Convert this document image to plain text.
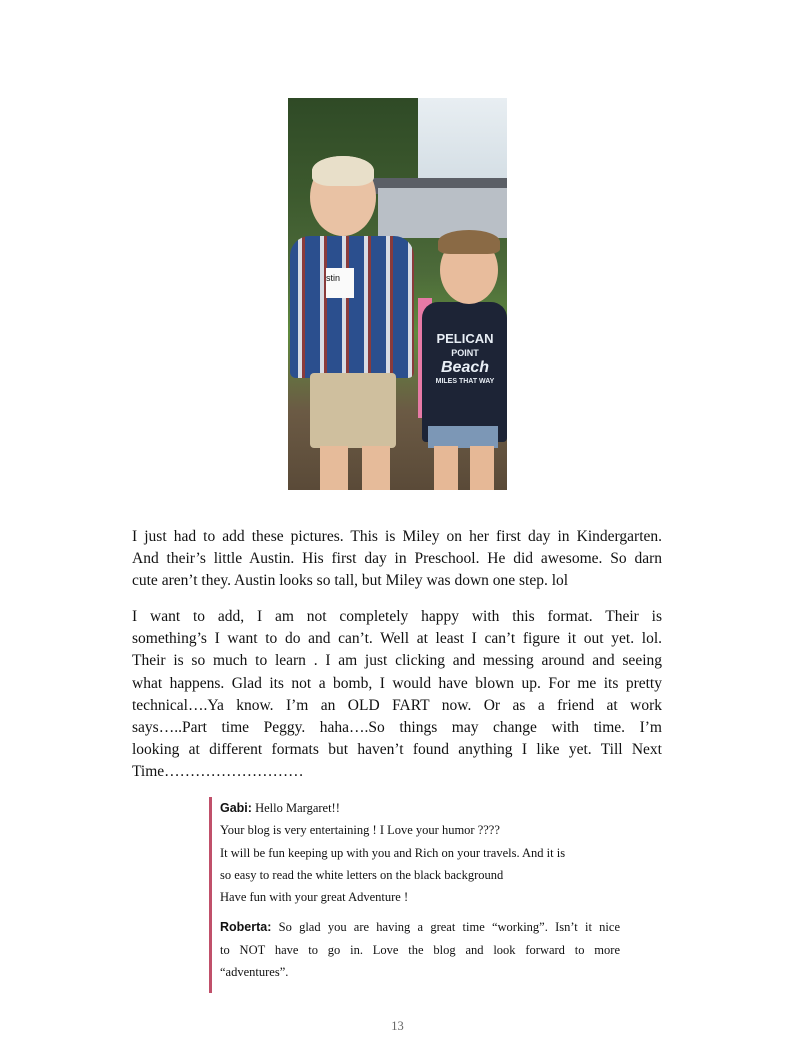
stin
PELICAN
POINT
Beach
MILES THAT WAY
I just had to add these pictures. This is Miley on her first day in Kindergarten.
And their’s little Austin. His first day in Preschool. He did awesome. So darn
cute aren’t they. Austin looks so tall, but Miley was down one step. lol
I want to add, I am not completely happy with this format. Their is
something’s I want to do and can’t. Well at least I can’t figure it out yet. lol.
Their is so much to learn . I am just clicking and messing around and seeing
what happens. Glad its not a bomb, I would have blown up. For me its pretty
technical….Ya know. I’m an OLD FART now. Or as a friend at work
says…..Part time Peggy. haha….So things may change with time. I’m
looking at different formats but haven’t found anything I like yet. Till Next
Time………………………
Gabi: Hello Margaret!!
Your blog is very entertaining ! I Love your humor ????
It will be fun keeping up with you and Rich on your travels. And it is
so easy to read the white letters on the black background
Have fun with your great Adventure !
Roberta: So glad you are having a great time “working”. Isn’t it nice
to NOT have to go in. Love the blog and look forward to more
“adventures”.
13
